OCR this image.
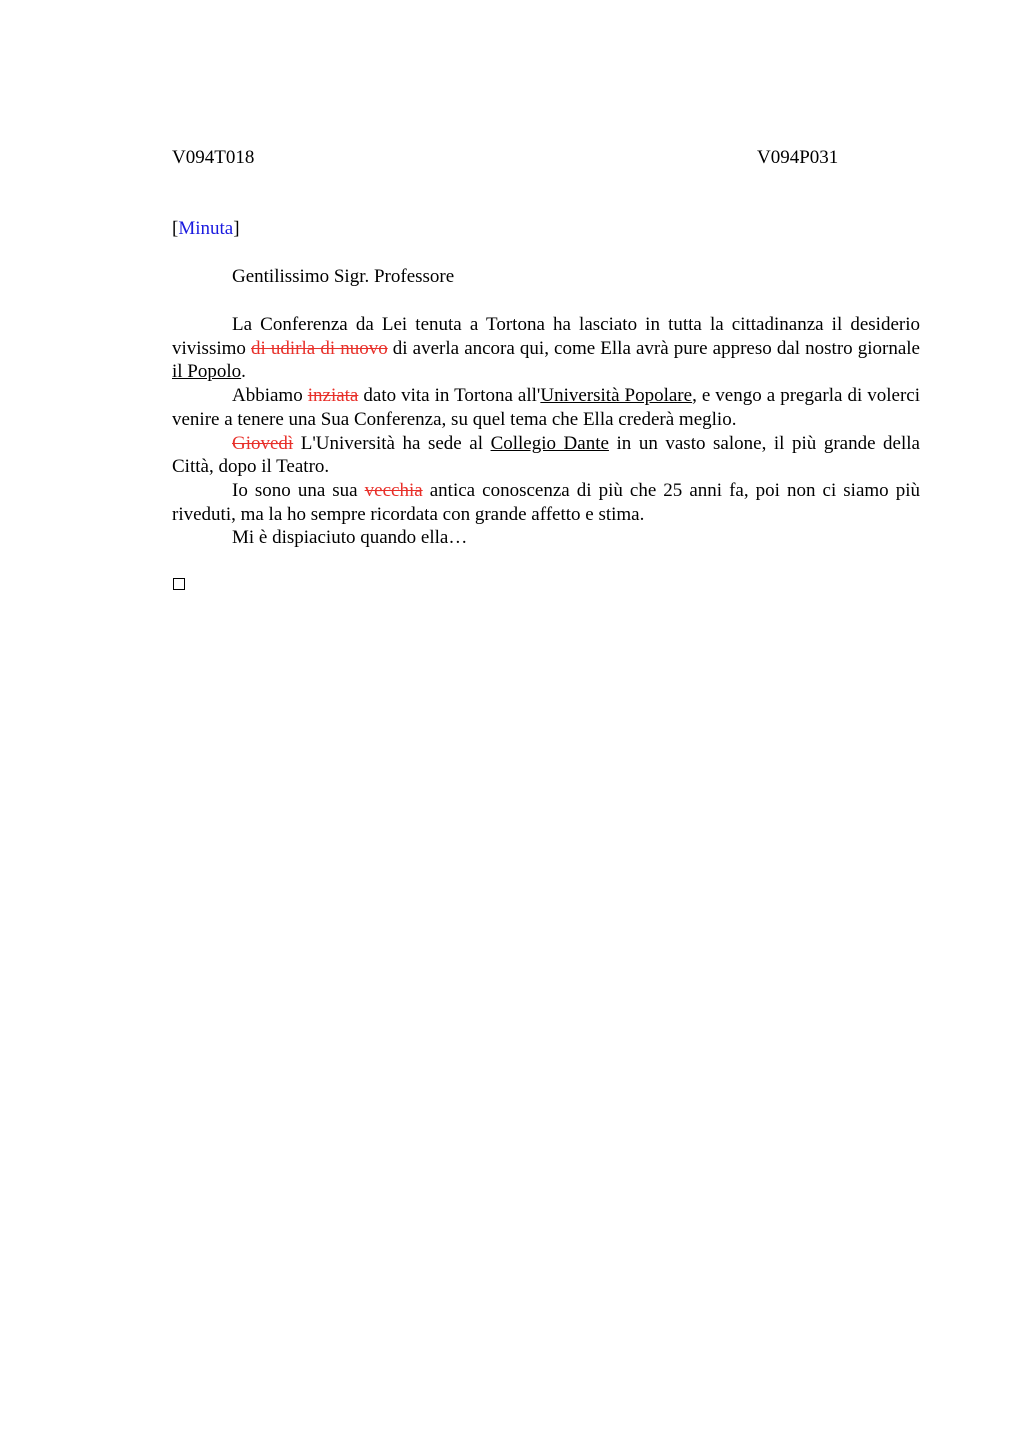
V094T018	V094P031
[Minuta]
Gentilissimo Sigr. Professore

La Conferenza da Lei tenuta a Tortona ha lasciato in tutta la cittadinanza il desiderio vivissimo di udirla di nuovo di averla ancora qui, come Ella avrà pure appreso dal nostro giornale il Popolo.

Abbiamo inziata dato vita in Tortona all'Università Popolare, e vengo a pregarla di volerci venire a tenere una Sua Conferenza, su quel tema che Ella crederà meglio.

Giovedì L'Università ha sede al Collegio Dante in un vasto salone, il più grande della Città, dopo il Teatro.

Io sono una sua vecchia antica conoscenza di più che 25 anni fa, poi non ci siamo più riveduti, ma la ho sempre ricordata con grande affetto e stima.

Mi è dispiaciuto quando ella…
